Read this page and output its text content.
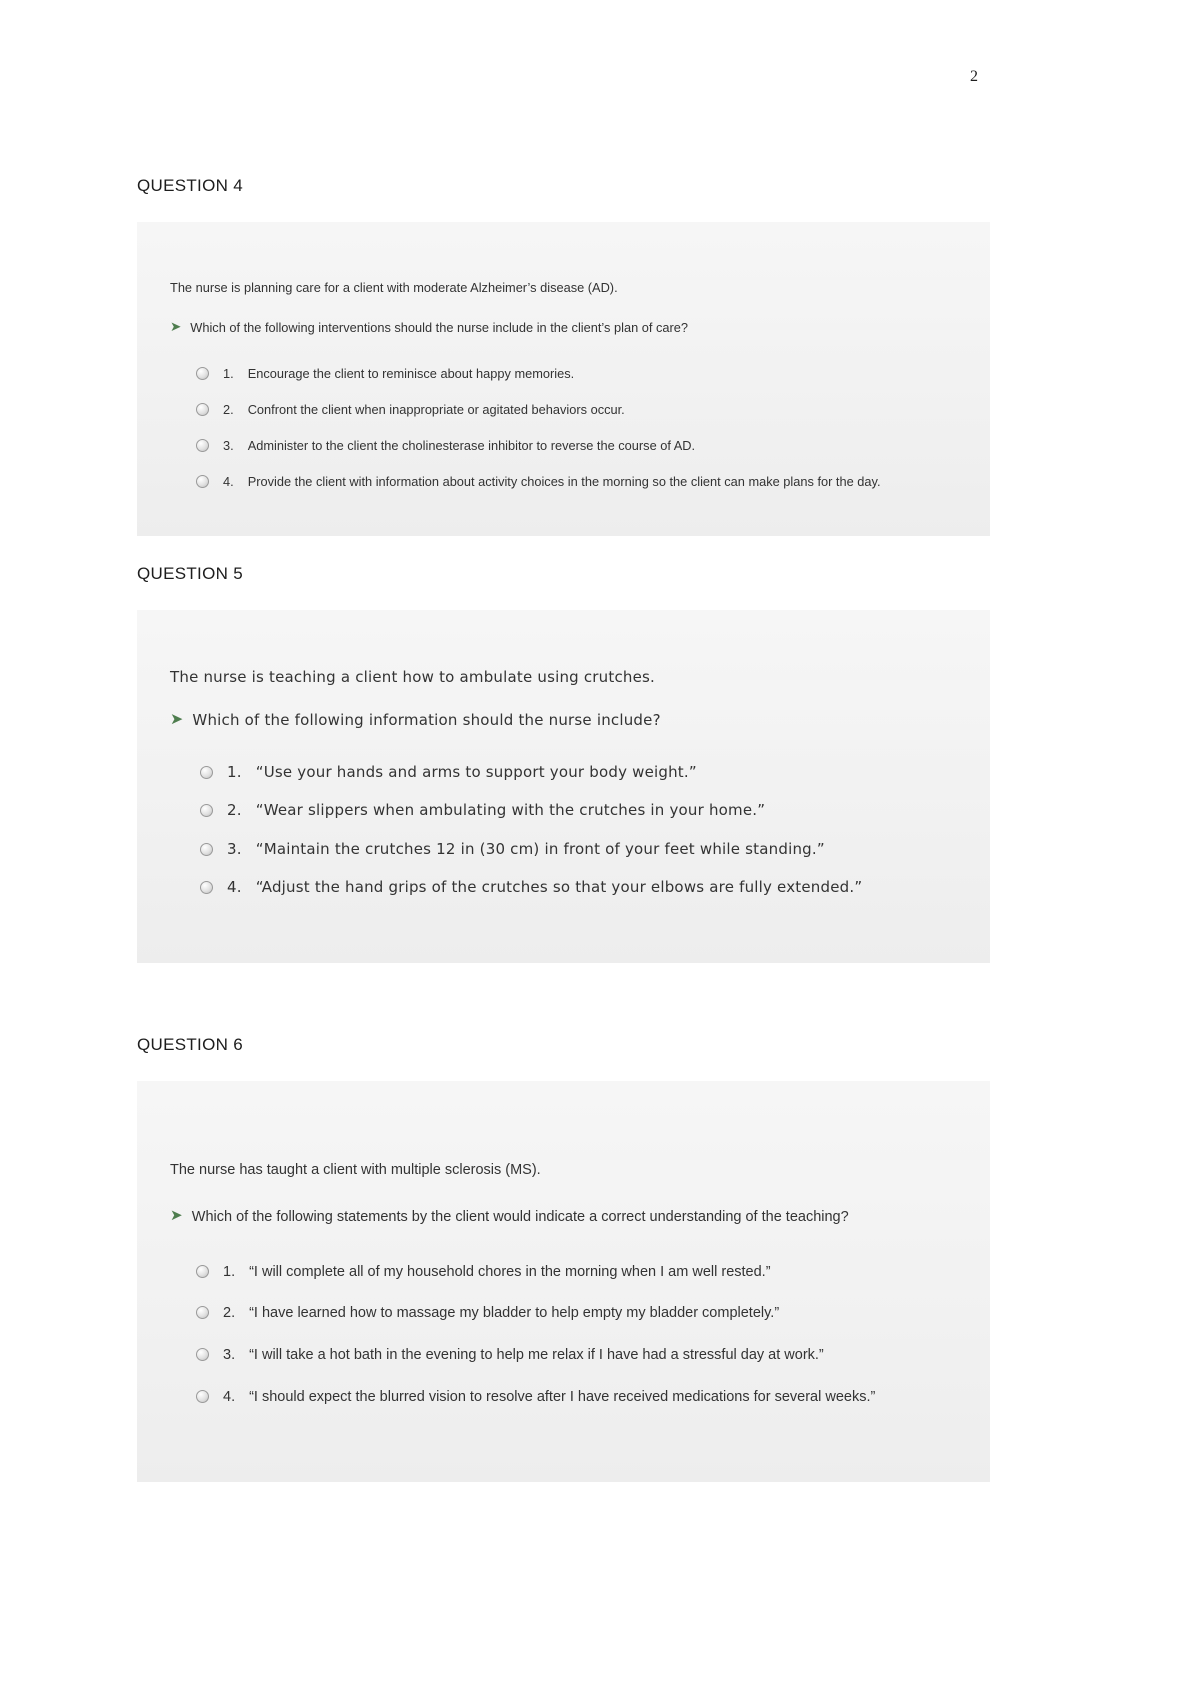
2
QUESTION 4

The nurse is planning care for a client with moderate Alzheimer’s disease (AD).

➤ Which of the following interventions should the nurse include in the client’s plan of care?
1. Encourage the client to reminisce about happy memories.
2. Confront the client when inappropriate or agitated behaviors occur.
3. Administer to the client the cholinesterase inhibitor to reverse the course of AD.
4. Provide the client with information about activity choices in the morning so the client can make plans for the day.
QUESTION 5

The nurse is teaching a client how to ambulate using crutches.

➤ Which of the following information should the nurse include?
1. “Use your hands and arms to support your body weight.”
2. “Wear slippers when ambulating with the crutches in your home.”
3. “Maintain the crutches 12 in (30 cm) in front of your feet while standing.”
4. “Adjust the hand grips of the crutches so that your elbows are fully extended.”
QUESTION 6

The nurse has taught a client with multiple sclerosis (MS).

➤ Which of the following statements by the client would indicate a correct understanding of the teaching?
1. “I will complete all of my household chores in the morning when I am well rested.”
2. “I have learned how to massage my bladder to help empty my bladder completely.”
3. “I will take a hot bath in the evening to help me relax if I have had a stressful day at work.”
4. “I should expect the blurred vision to resolve after I have received medications for several weeks.”
